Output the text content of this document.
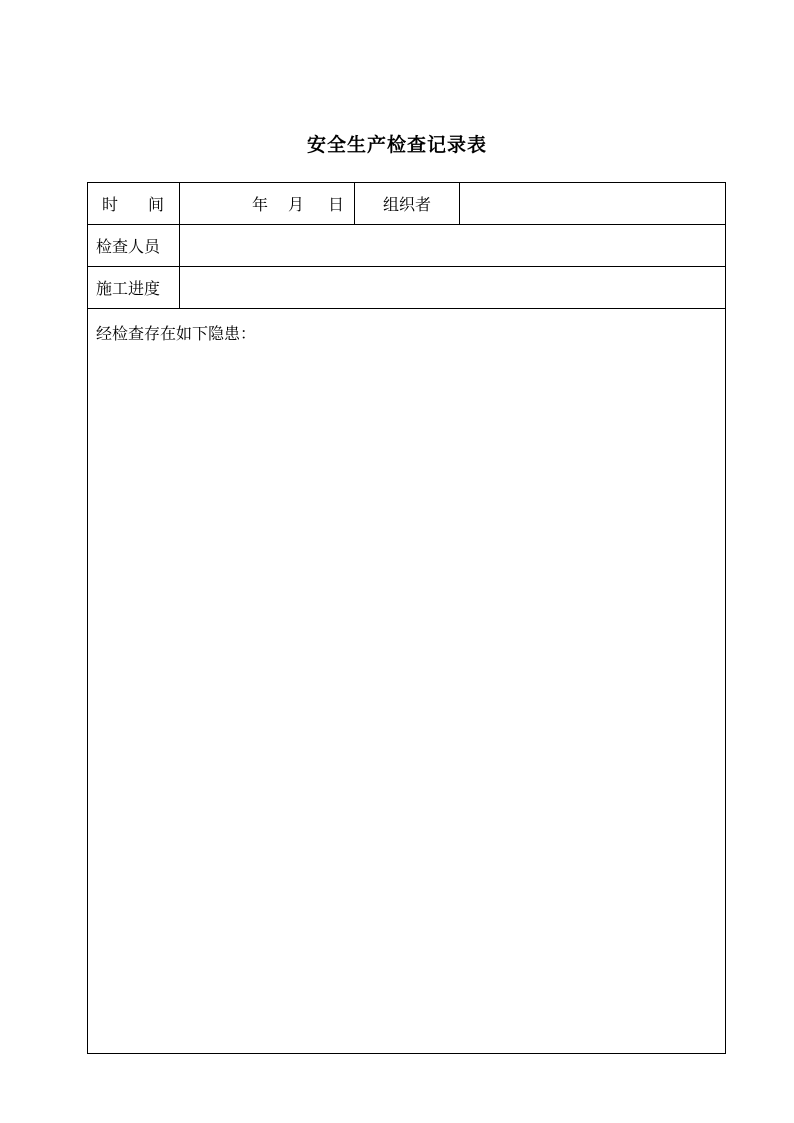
安全生产检查记录表
时 间	年 月 日	组织者	
检查人员			
施工进度			
经检查存在如下隐患：			
